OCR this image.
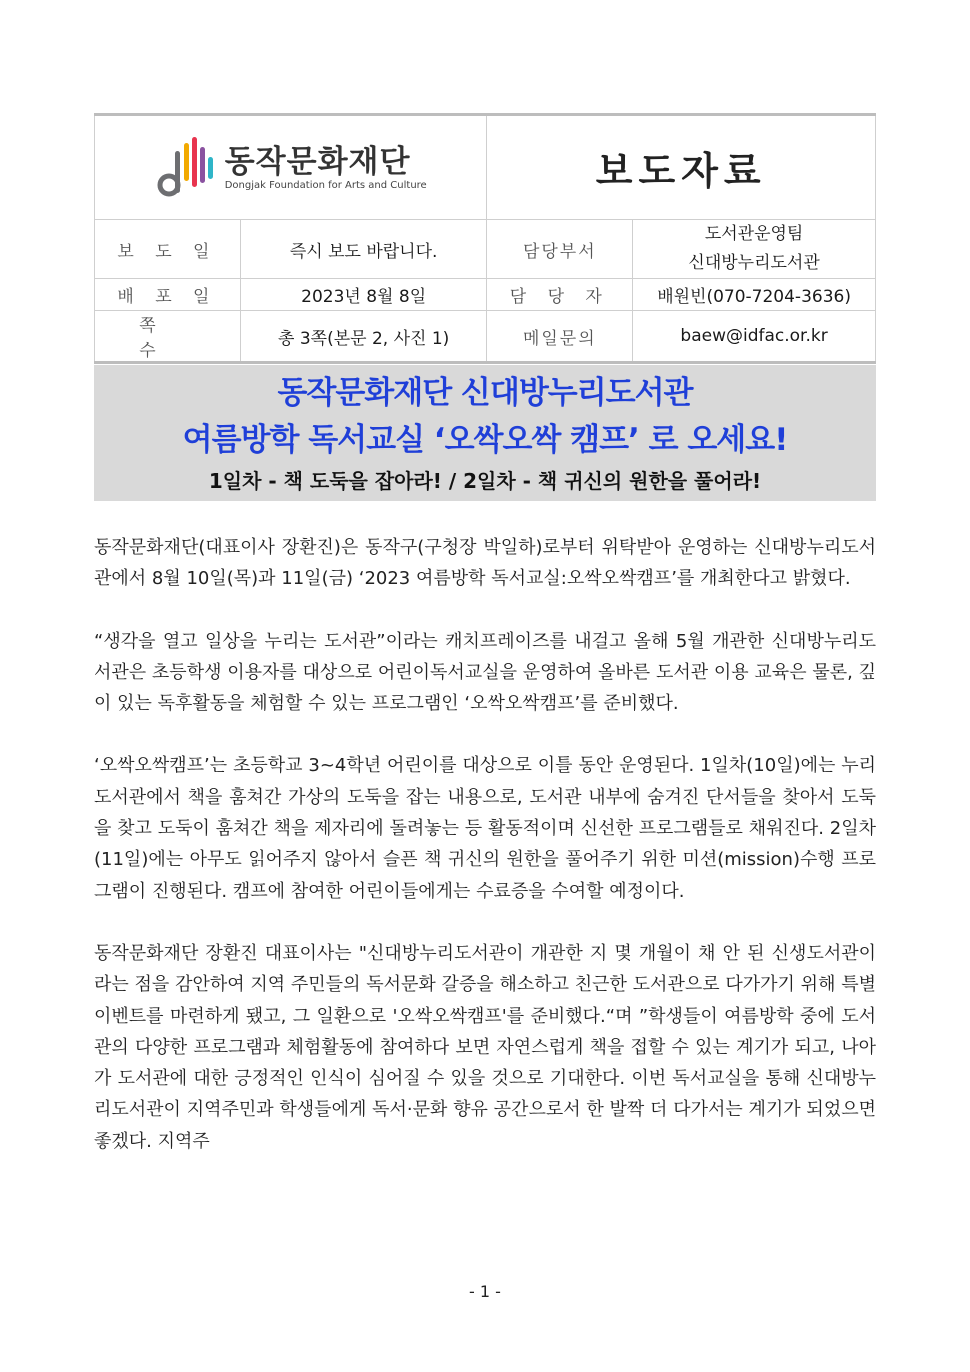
동작문화재단
Dongjak Foundation for Arts and Culture		보도자료	
보 도 일	즉시 보도 바랍니다.	담당부서	도서관운영팀
신대방누리도서관

배 포 일	2023년 8월 8일	담 당 자	배원빈(070-7204-3636)
쪽 수	총 3쪽(본문 2, 사진 1)	메일문의	baew@idfac.or.kr
동작문화재단 신대방누리도서관
여름방학 독서교실 ‘오싹오싹 캠프’ 로 오세요!
1일차 - 책 도둑을 잡아라! / 2일차 - 책 귀신의 원한을 풀어라!

동작문화재단(대표이사 장환진)은 동작구(구청장 박일하)로부터 위탁받아 운영하는 신대방누리도서관에서 8월 10일(목)과 11일(금) ‘2023 여름방학 독서교실:오싹오싹캠프’를 개최한다고 밝혔다.

“생각을 열고 일상을 누리는 도서관”이라는 캐치프레이즈를 내걸고 올해 5월 개관한 신대방누리도서관은 초등학생 이용자를 대상으로 어린이독서교실을 운영하여 올바른 도서관 이용 교육은 물론, 깊이 있는 독후활동을 체험할 수 있는 프로그램인 ‘오싹오싹캠프’를 준비했다.

‘오싹오싹캠프’는 초등학교 3~4학년 어린이를 대상으로 이틀 동안 운영된다. 1일차(10일)에는 누리도서관에서 책을 훔쳐간 가상의 도둑을 잡는 내용으로, 도서관 내부에 숨겨진 단서들을 찾아서 도둑을 찾고 도둑이 훔쳐간 책을 제자리에 돌려놓는 등 활동적이며 신선한 프로그램들로 채워진다. 2일차(11일)에는 아무도 읽어주지 않아서 슬픈 책 귀신의 원한을 풀어주기 위한 미션(mission)수행 프로그램이 진행된다. 캠프에 참여한 어린이들에게는 수료증을 수여할 예정이다.

동작문화재단 장환진 대표이사는 "신대방누리도서관이 개관한 지 몇 개월이 채 안 된 신생도서관이라는 점을 감안하여 지역 주민들의 독서문화 갈증을 해소하고 친근한 도서관으로 다가가기 위해 특별 이벤트를 마련하게 됐고, 그 일환으로 '오싹오싹캠프'를 준비했다.“며 ”학생들이 여름방학 중에 도서관의 다양한 프로그램과 체험활동에 참여하다 보면 자연스럽게 책을 접할 수 있는 계기가 되고, 나아가 도서관에 대한 긍정적인 인식이 심어질 수 있을 것으로 기대한다. 이번 독서교실을 통해 신대방누리도서관이 지역주민과 학생들에게 독서·문화 향유 공간으로서 한 발짝 더 다가서는 계기가 되었으면 좋겠다. 지역주

- 1 -
